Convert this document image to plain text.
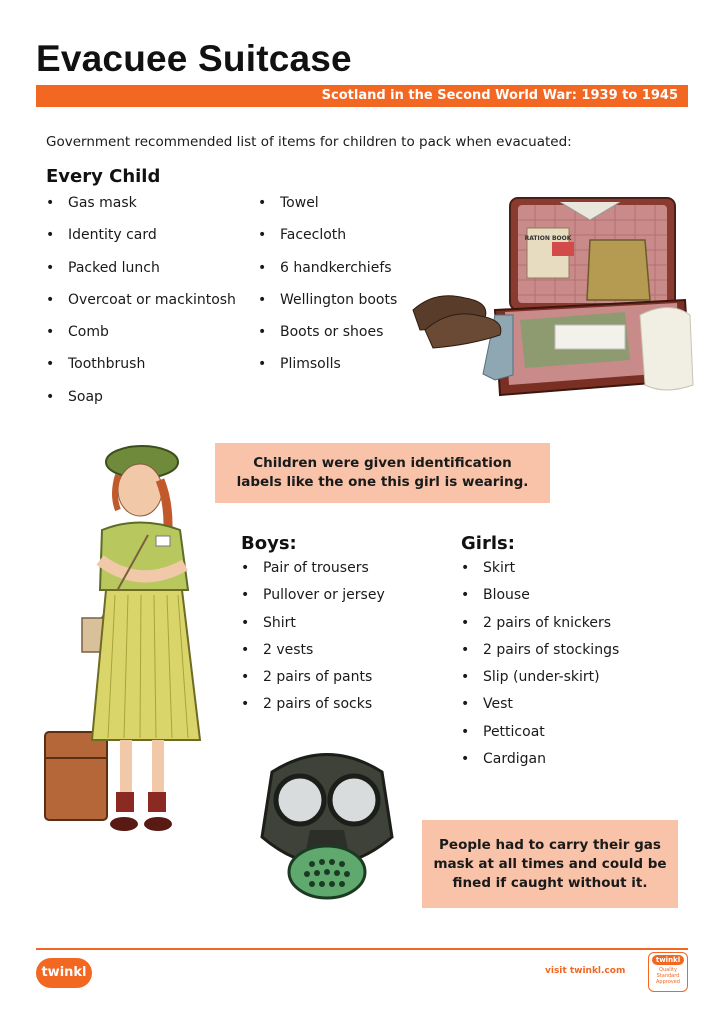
Evacuee Suitcase
Scotland in the Second World War: 1939 to 1945
Government recommended list of items for children to pack when evacuated:
Every Child
• Gas mask
• Identity card
• Packed lunch
• Overcoat or mackintosh
• Comb
• Toothbrush
• Soap
• Towel
• Facecloth
• 6 handkerchiefs
• Wellington boots
• Boots or shoes
• Plimsolls
RATION BOOK
Children were given identification labels like the one this girl is wearing.
Boys:
• Pair of trousers
• Pullover or jersey
• Shirt
• 2 vests
• 2 pairs of pants
• 2 pairs of socks
Girls:
• Skirt
• Blouse
• 2 pairs of knickers
• 2 pairs of stockings
• Slip (under-skirt)
• Vest
• Petticoat
• Cardigan
People had to carry their gas mask at all times and could be fined if caught without it.
twinkl	visit twinkl.com
twinkl
Quality Standard Approved
